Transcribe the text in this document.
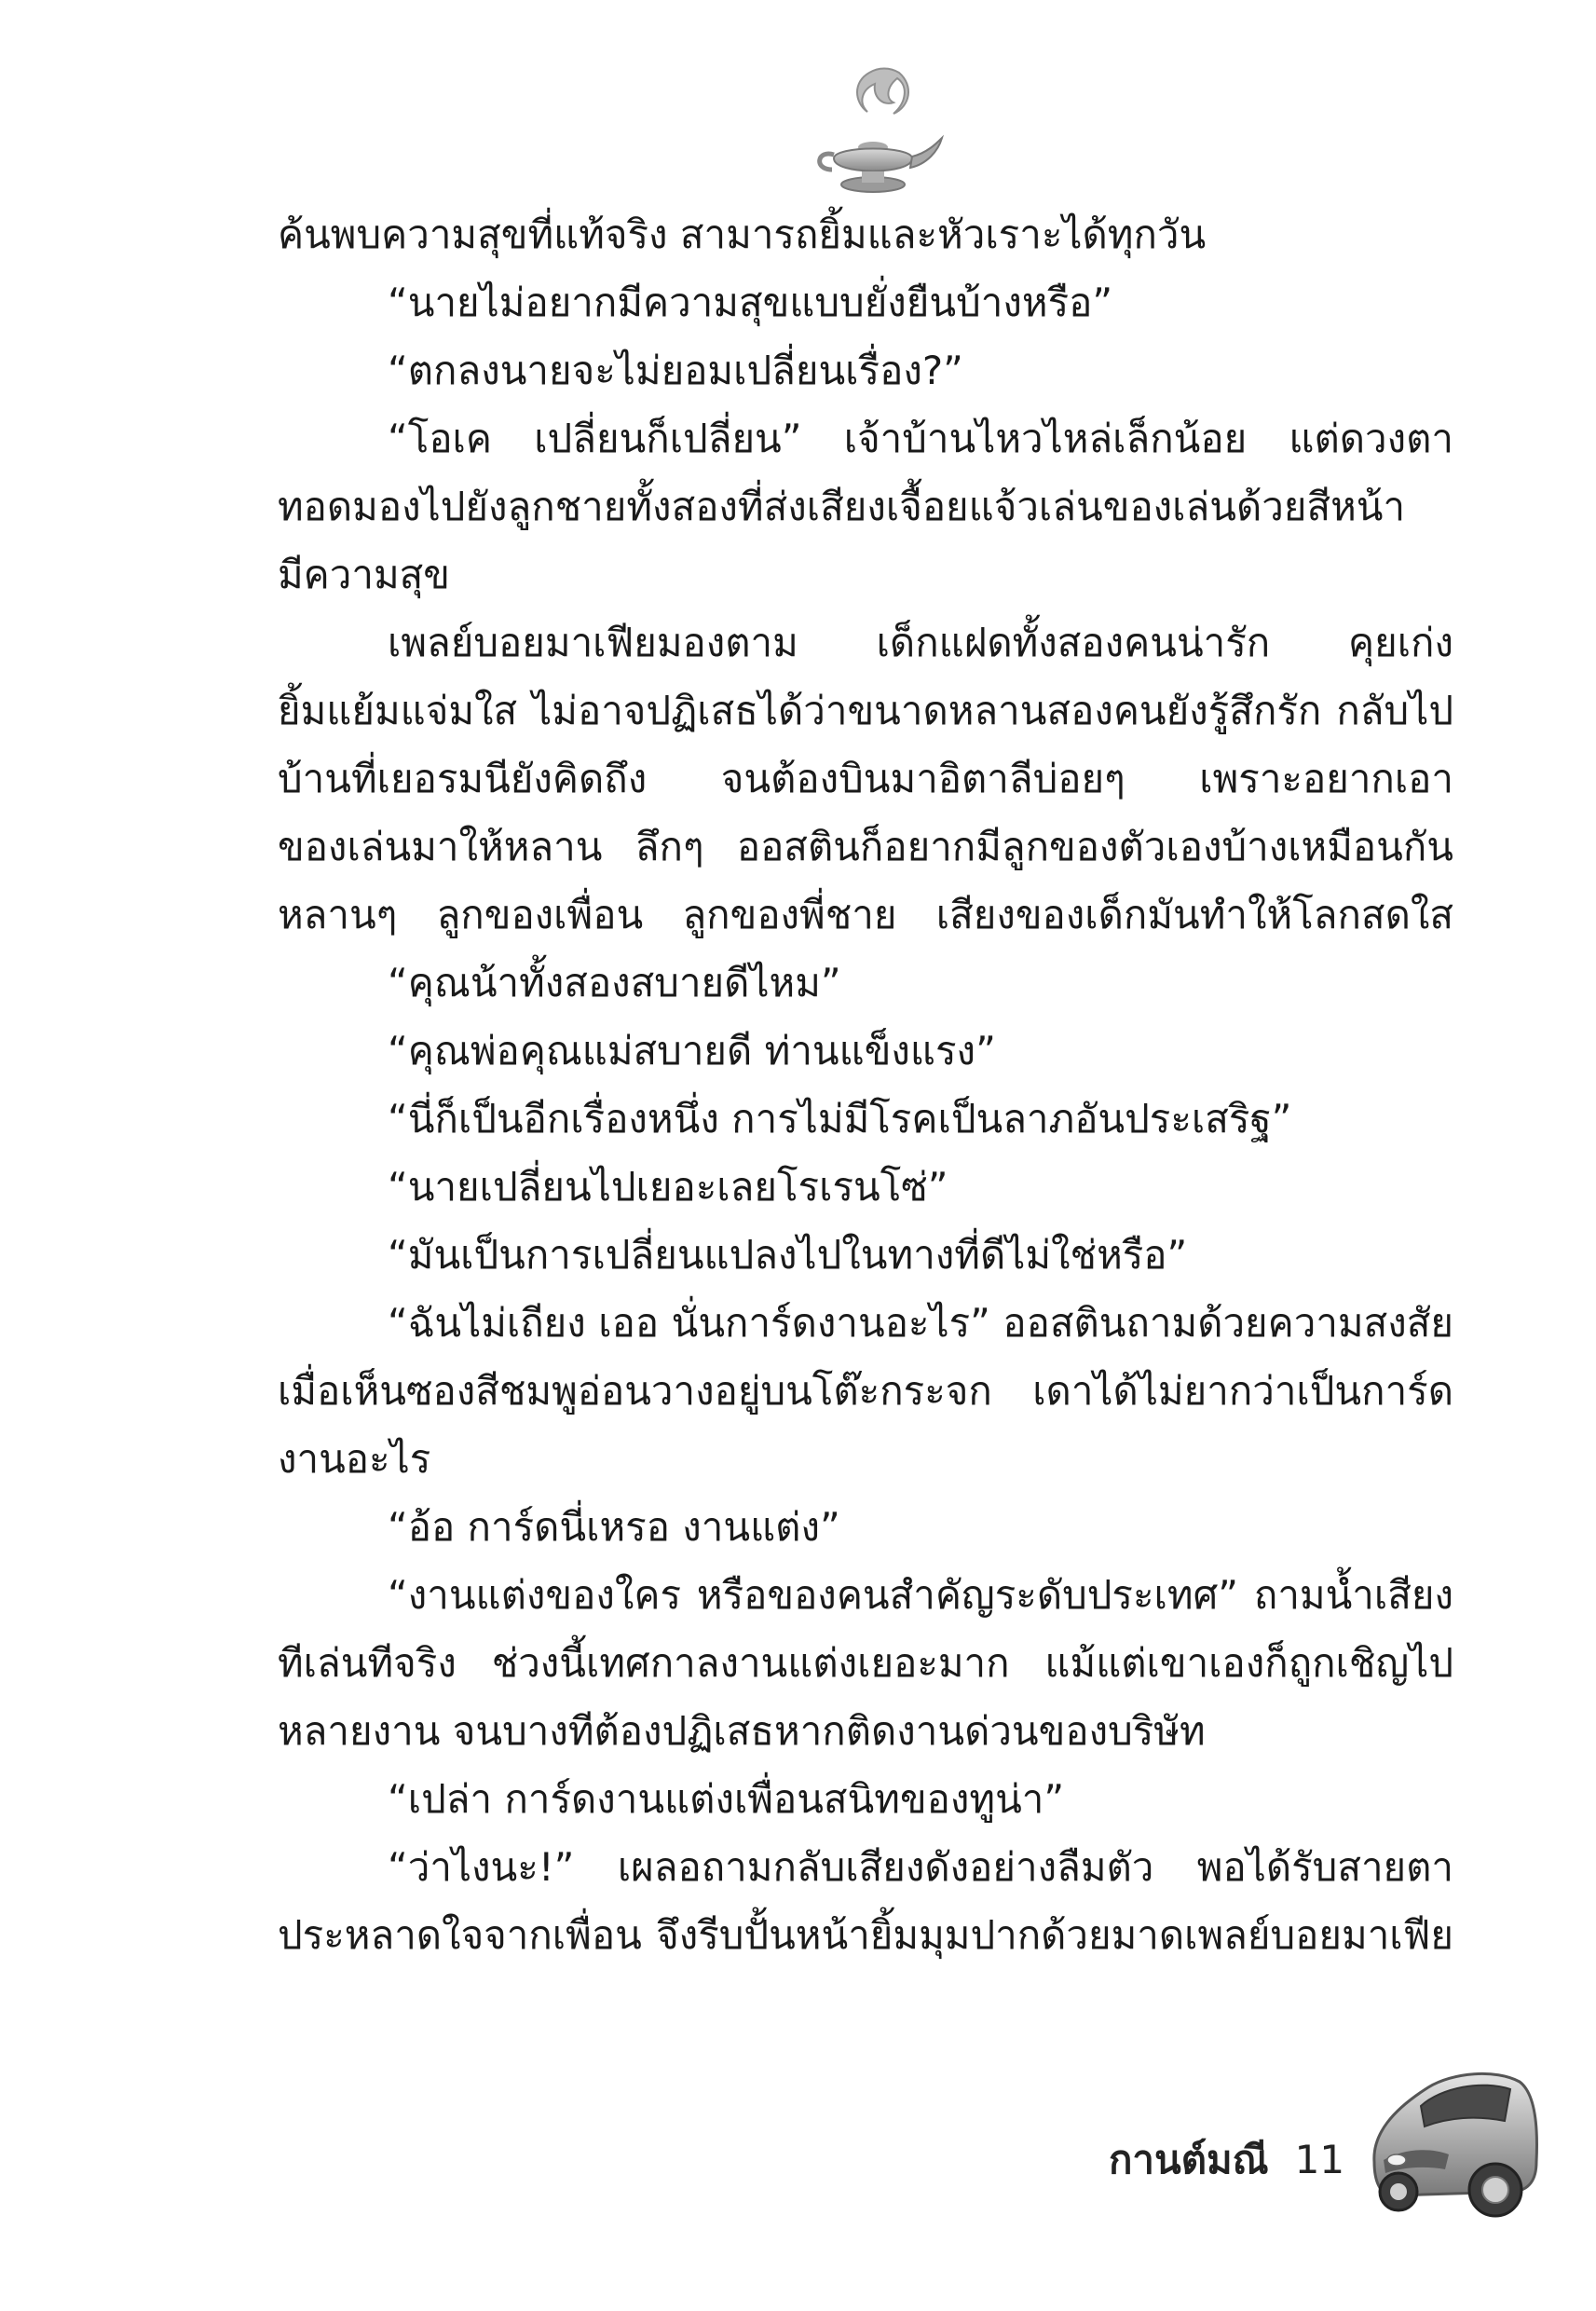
ค้นพบความสุขที่แท้จริง สามารถยิ้มและหัวเราะได้ทุกวัน
“นายไม่อยากมีความสุขแบบยั่งยืนบ้างหรือ”
“ตกลงนายจะไม่ยอมเปลี่ยนเรื่อง?”
“โอเค เปลี่ยนก็เปลี่ยน” เจ้าบ้านไหวไหล่เล็กน้อย แต่ดวงตา
ทอดมองไปยังลูกชายทั้งสองที่ส่งเสียงเจื้อยแจ้วเล่นของเล่นด้วยสีหน้า
มีความสุข
เพลย์บอยมาเฟียมองตาม เด็กแฝดทั้งสองคนน่ารัก คุยเก่ง
ยิ้มแย้มแจ่มใส ไม่อาจปฏิเสธได้ว่าขนาดหลานสองคนยังรู้สึกรัก กลับไป
บ้านที่เยอรมนียังคิดถึง จนต้องบินมาอิตาลีบ่อยๆ เพราะอยากเอา
ของเล่นมาให้หลาน ลึกๆ ออสตินก็อยากมีลูกของตัวเองบ้างเหมือนกัน
หลานๆ ลูกของเพื่อน ลูกของพี่ชาย เสียงของเด็กมันทำให้โลกสดใส
“คุณน้าทั้งสองสบายดีไหม”
“คุณพ่อคุณแม่สบายดี ท่านแข็งแรง”
“นี่ก็เป็นอีกเรื่องหนึ่ง การไม่มีโรคเป็นลาภอันประเสริฐ”
“นายเปลี่ยนไปเยอะเลยโรเรนโซ่”
“มันเป็นการเปลี่ยนแปลงไปในทางที่ดีไม่ใช่หรือ”
“ฉันไม่เถียง เออ นั่นการ์ดงานอะไร” ออสตินถามด้วยความสงสัย
เมื่อเห็นซองสีชมพูอ่อนวางอยู่บนโต๊ะกระจก เดาได้ไม่ยากว่าเป็นการ์ด
งานอะไร
“อ้อ การ์ดนี่เหรอ งานแต่ง”
“งานแต่งของใคร หรือของคนสำคัญระดับประเทศ” ถามน้ำเสียง
ทีเล่นทีจริง ช่วงนี้เทศกาลงานแต่งเยอะมาก แม้แต่เขาเองก็ถูกเชิญไป
หลายงาน จนบางทีต้องปฏิเสธหากติดงานด่วนของบริษัท
“เปล่า การ์ดงานแต่งเพื่อนสนิทของทูน่า”
“ว่าไงนะ!” เผลอถามกลับเสียงดังอย่างลืมตัว พอได้รับสายตา
ประหลาดใจจากเพื่อน จึงรีบปั้นหน้ายิ้มมุมปากด้วยมาดเพลย์บอยมาเฟีย
กานต์มณี 11
